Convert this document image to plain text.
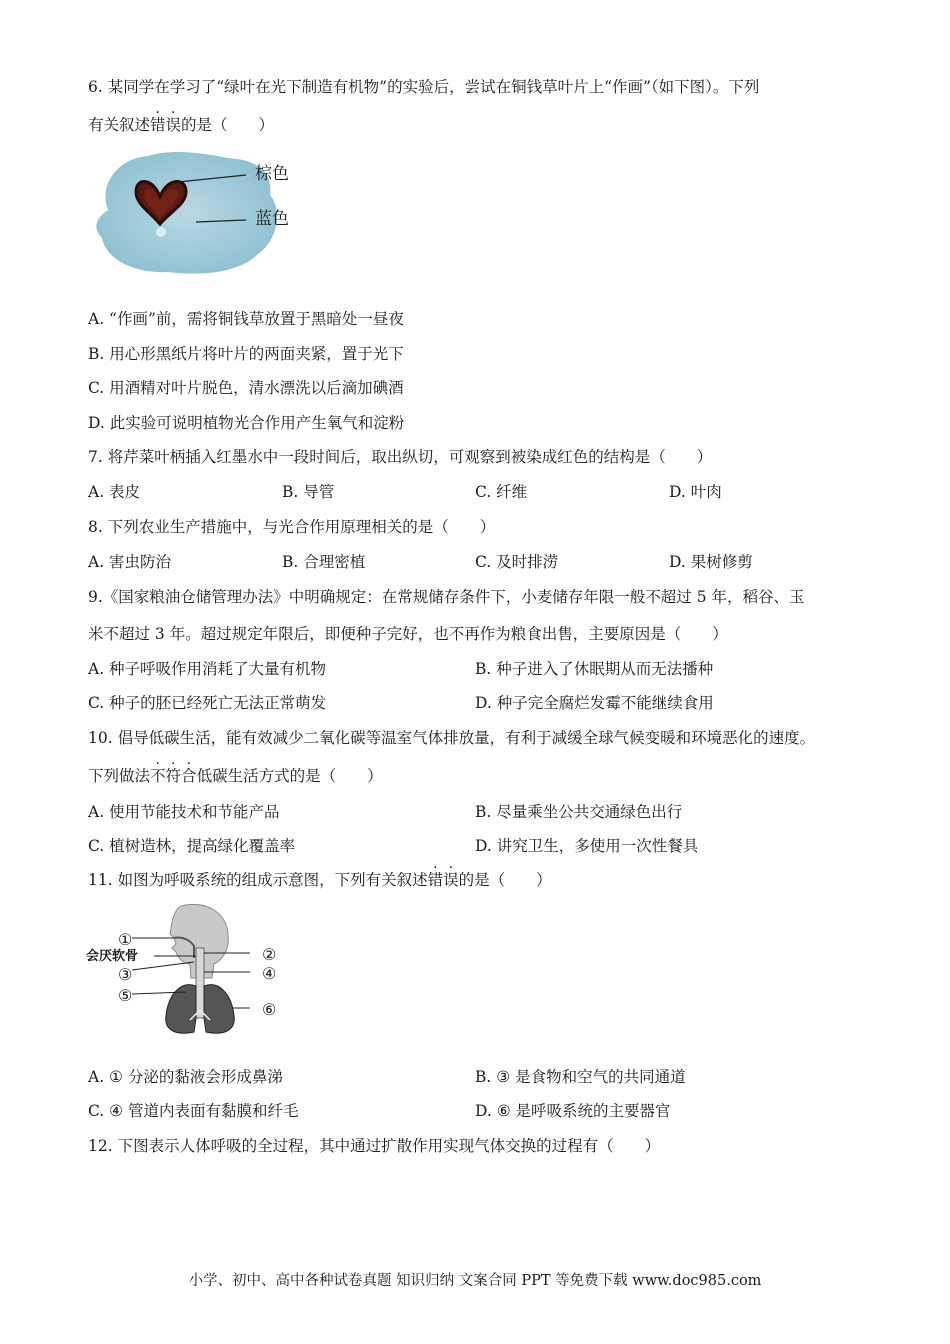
6. 某同学在学习了“绿叶在光下制造有机物”的实验后，尝试在铜钱草叶片上“作画”（如下图）。下列
有关叙述错误的是（　　）
棕色
蓝色
A. “作画”前，需将铜钱草放置于黑暗处一昼夜
B. 用心形黑纸片将叶片的两面夹紧，置于光下
C. 用酒精对叶片脱色，清水漂洗以后滴加碘酒
D. 此实验可说明植物光合作用产生氧气和淀粉
7. 将芹菜叶柄插入红墨水中一段时间后，取出纵切，可观察到被染成红色的结构是（　　）
A. 表皮	B. 导管	C. 纤维	D. 叶肉
8. 下列农业生产措施中，与光合作用原理相关的是（　　）
A. 害虫防治	B. 合理密植	C. 及时排涝	D. 果树修剪
9.《国家粮油仓储管理办法》中明确规定：在常规储存条件下，小麦储存年限一般不超过 5 年，稻谷、玉
米不超过 3 年。超过规定年限后，即便种子完好，也不再作为粮食出售，主要原因是（　　）
A. 种子呼吸作用消耗了大量有机物	B. 种子进入了休眠期从而无法播种
C. 种子的胚已经死亡无法正常萌发	D. 种子完全腐烂发霉不能继续食用
10. 倡导低碳生活，能有效减少二氧化碳等温室气体排放量，有利于减缓全球气候变暖和环境恶化的速度。
下列做法不符合低碳生活方式的是（　　）
A. 使用节能技术和节能产品	B. 尽量乘坐公共交通绿色出行
C. 植树造林，提高绿化覆盖率	D. 讲究卫生，多使用一次性餐具
11. 如图为呼吸系统的组成示意图，下列有关叙述错误的是（　　）
①
②
③	④
⑤
⑥
会厌软骨
A. ① 分泌的黏液会形成鼻涕	B. ③ 是食物和空气的共同通道
C. ④ 管道内表面有黏膜和纤毛	D. ⑥ 是呼吸系统的主要器官
12. 下图表示人体呼吸的全过程，其中通过扩散作用实现气体交换的过程有（　　）
小学、初中、高中各种试卷真题 知识归纳 文案合同 PPT 等免费下载 www.doc985.com
